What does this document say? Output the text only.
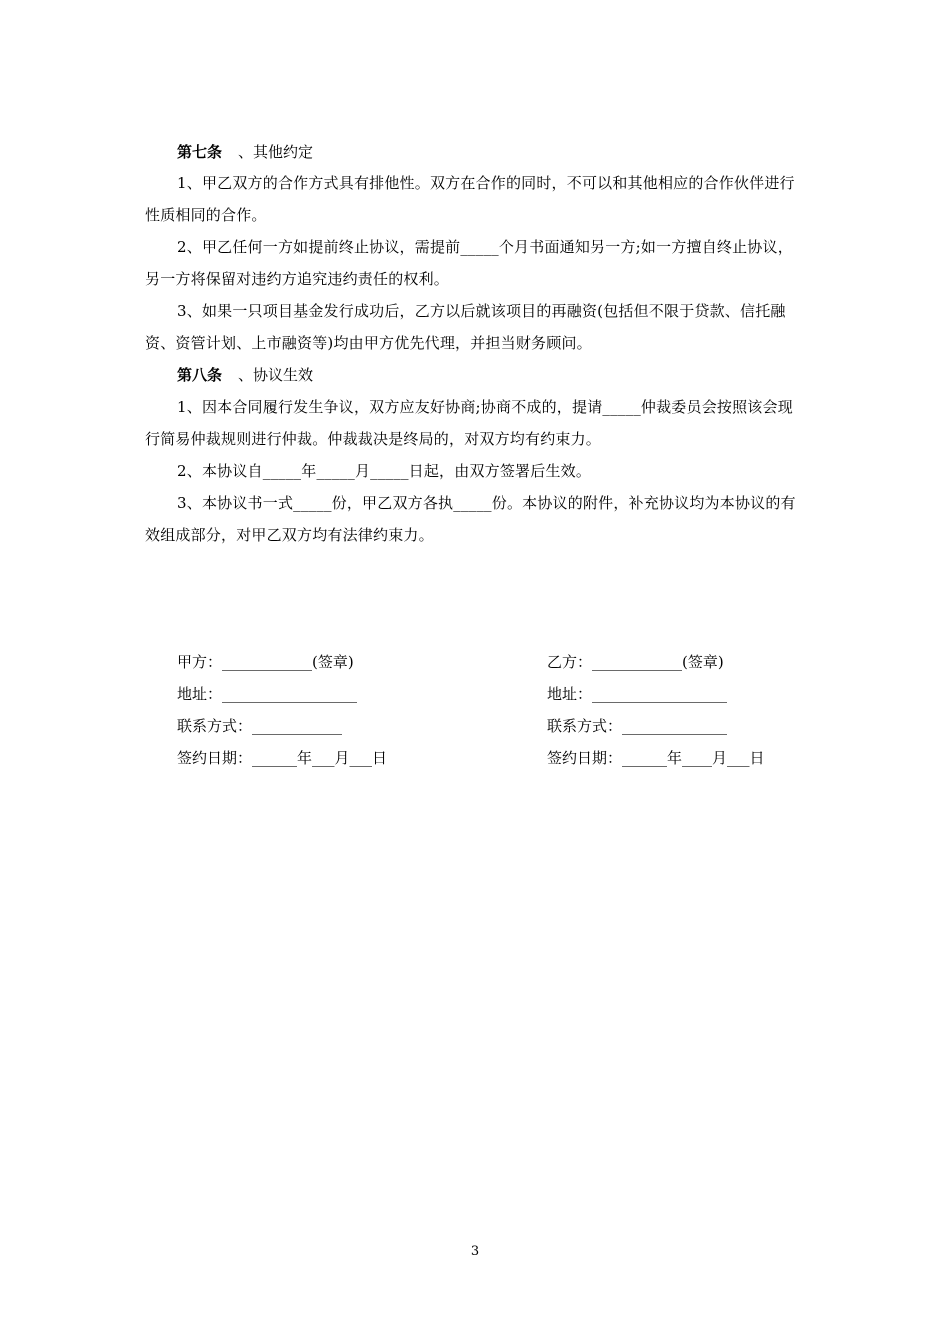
第七条 、其他约定

1、甲乙双方的合作方式具有排他性。双方在合作的同时，不可以和其他相应的合作伙伴进行性质相同的合作。

2、甲乙任何一方如提前终止协议，需提前_____个月书面通知另一方;如一方擅自终止协议，另一方将保留对违约方追究违约责任的权利。

3、如果一只项目基金发行成功后，乙方以后就该项目的再融资(包括但不限于贷款、信托融资、资管计划、上市融资等)均由甲方优先代理，并担当财务顾问。

第八条 、协议生效

1、因本合同履行发生争议，双方应友好协商;协商不成的，提请_____仲裁委员会按照该会现行简易仲裁规则进行仲裁。仲裁裁决是终局的，对双方均有约束力。

2、本协议自_____年_____月_____日起，由双方签署后生效。

3、本协议书一式_____份，甲乙双方各执_____份。本协议的附件，补充协议均为本协议的有效组成部分，对甲乙双方均有法律约束力。

甲方：____________(签章)
地址：__________________
联系方式：____________
签约日期：______年___月___日
乙方：____________(签章)
地址：__________________
联系方式：______________
签约日期：______年____月___日
3
